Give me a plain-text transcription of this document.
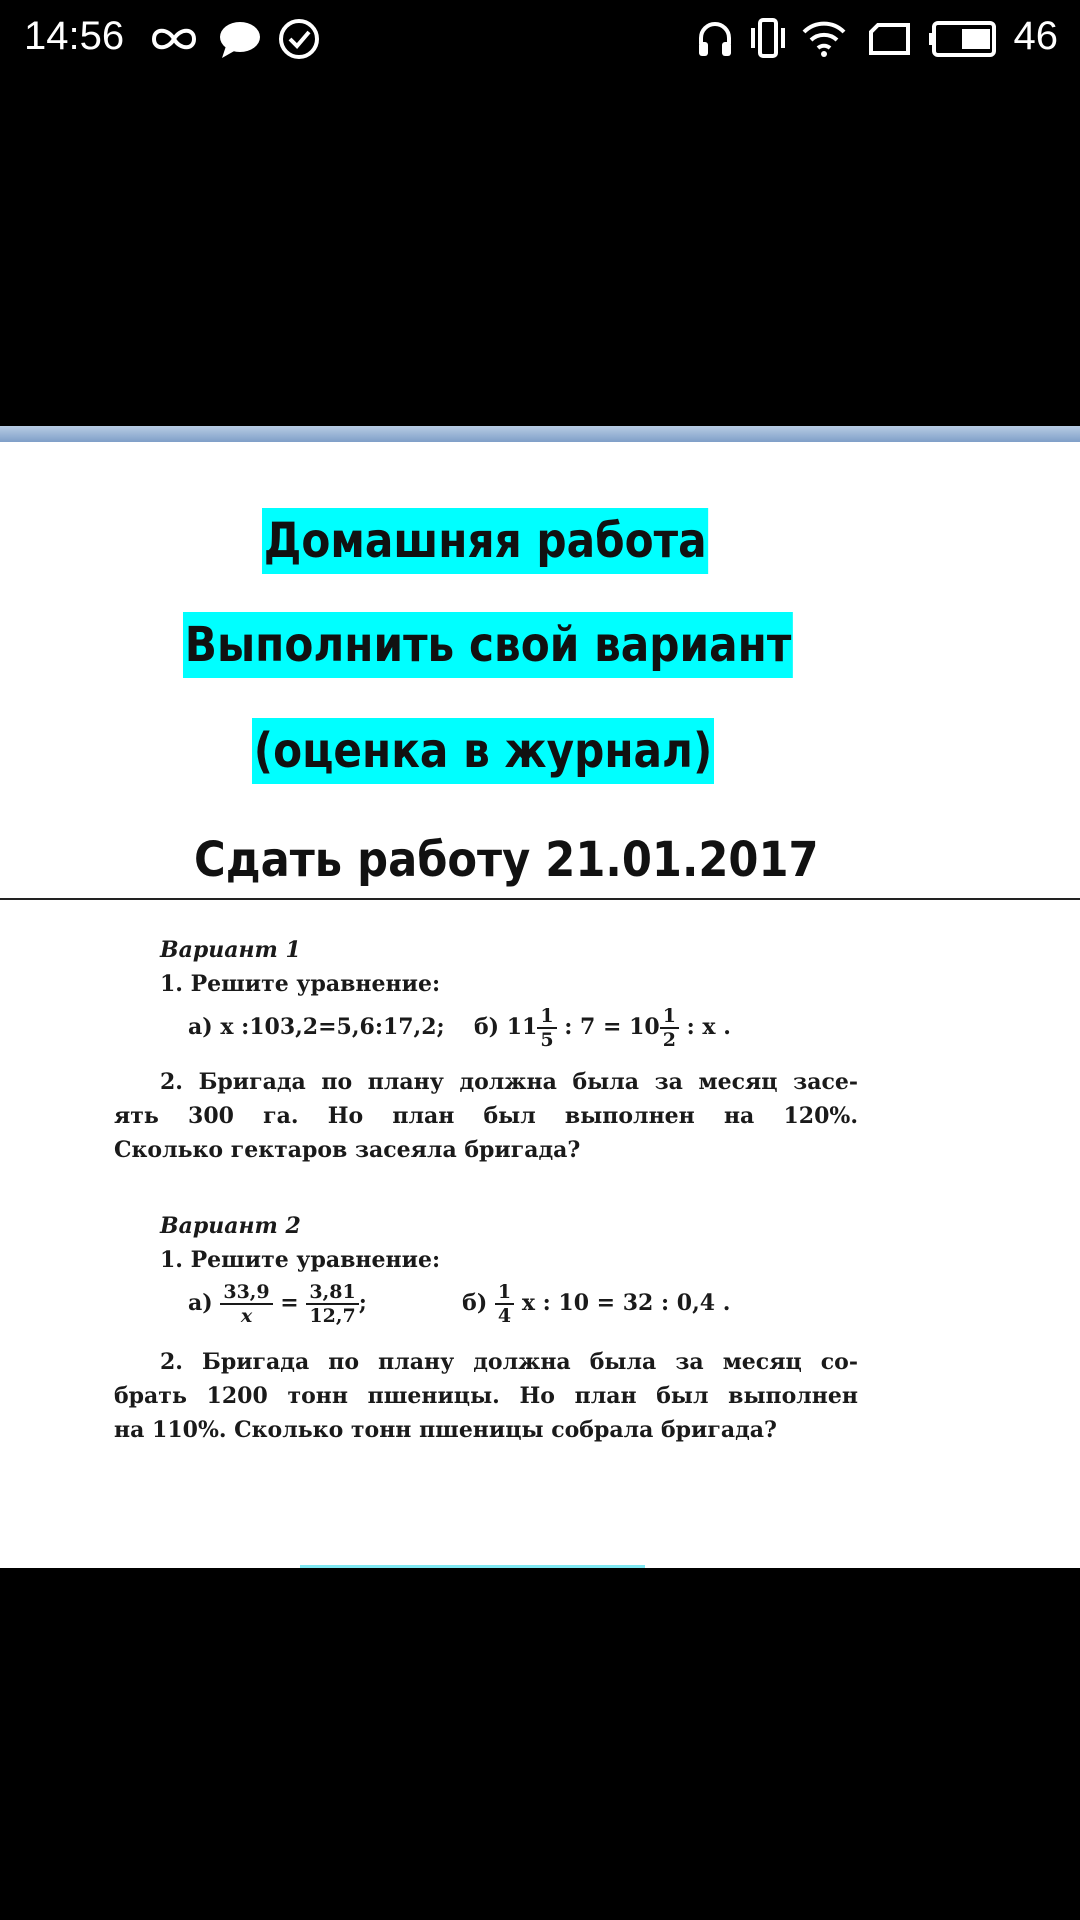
14:56	46
Домашняя работа
Выполнить свой вариант
(оценка в журнал)
Сдать работу 21.01.2017
Вариант 1
1. Решите уравнение:
а) x :103,2=5,6:17,2; б) $11 \frac{1}{5}$ : $7 = 10 \frac{1}{2}$ : x .
2. Бригада по плану должна была за месяц засе-
ять 300 га. Но план был выполнен на 120%.
Сколько гектаров засеяла бригада?
Вариант 2
1. Решите уравнение:
$а) \frac{33,9}{x} = \frac{3,81}{12,7}$ ;	$б) \frac{1}{4}$ x : 10 = 32 : 0,4 .
2. Бригада по плану должна была за месяц со-
брать 1200 тонн пшеницы. Но план был выполнен
на 110%. Сколько тонн пшеницы собрала бригада?
